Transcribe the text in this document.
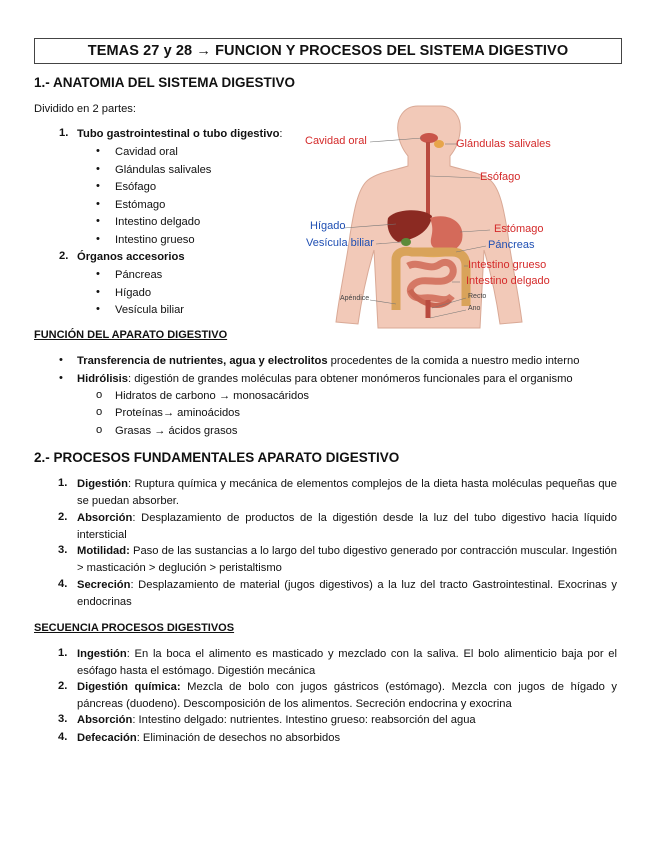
TEMAS 27 y 28 → FUNCION Y PROCESOS DEL SISTEMA DIGESTIVO
1.- ANATOMIA DEL SISTEMA DIGESTIVO
Dividido en 2 partes:
1. Tubo gastrointestinal o tubo digestivo:
• Cavidad oral
• Glándulas salivales
• Esófago
• Estómago
• Intestino delgado
• Intestino grueso
2. Órganos accesorios
• Páncreas
• Hígado
• Vesícula biliar
Cavidad oral	Glándulas salivales
Esófago
Hígado
Vesícula biliar
Estómago
Páncreas
Intestino grueso
Intestino delgado
Apéndice	Recto
Ano
FUNCIÓN DEL APARATO DIGESTIVO
• Transferencia de nutrientes, agua y electrolitos procedentes de la comida a nuestro medio interno
• Hidrólisis: digestión de grandes moléculas para obtener monómeros funcionales para el organismo
o Hidratos de carbono → monosacáridos
o Proteínas→ aminoácidos
o Grasas → ácidos grasos
2.- PROCESOS FUNDAMENTALES APARATO DIGESTIVO
1. Digestión: Ruptura química y mecánica de elementos complejos de la dieta hasta moléculas pequeñas que se puedan absorber.
2. Absorción: Desplazamiento de productos de la digestión desde la luz del tubo digestivo hacia líquido intersticial
3. Motilidad: Paso de las sustancias a lo largo del tubo digestivo generado por contracción muscular. Ingestión > masticación > deglución > peristaltismo
4. Secreción: Desplazamiento de material (jugos digestivos) a la luz del tracto Gastrointestinal. Exocrinas y endocrinas
SECUENCIA PROCESOS DIGESTIVOS
1. Ingestión: En la boca el alimento es masticado y mezclado con la saliva. El bolo alimenticio baja por el esófago hasta el estómago. Digestión mecánica
2. Digestión química: Mezcla de bolo con jugos gástricos (estómago). Mezcla con jugos de hígado y páncreas (duodeno). Descomposición de los alimentos. Secreción endocrina y exocrina
3. Absorción: Intestino delgado: nutrientes. Intestino grueso: reabsorción del agua
4. Defecación: Eliminación de desechos no absorbidos
